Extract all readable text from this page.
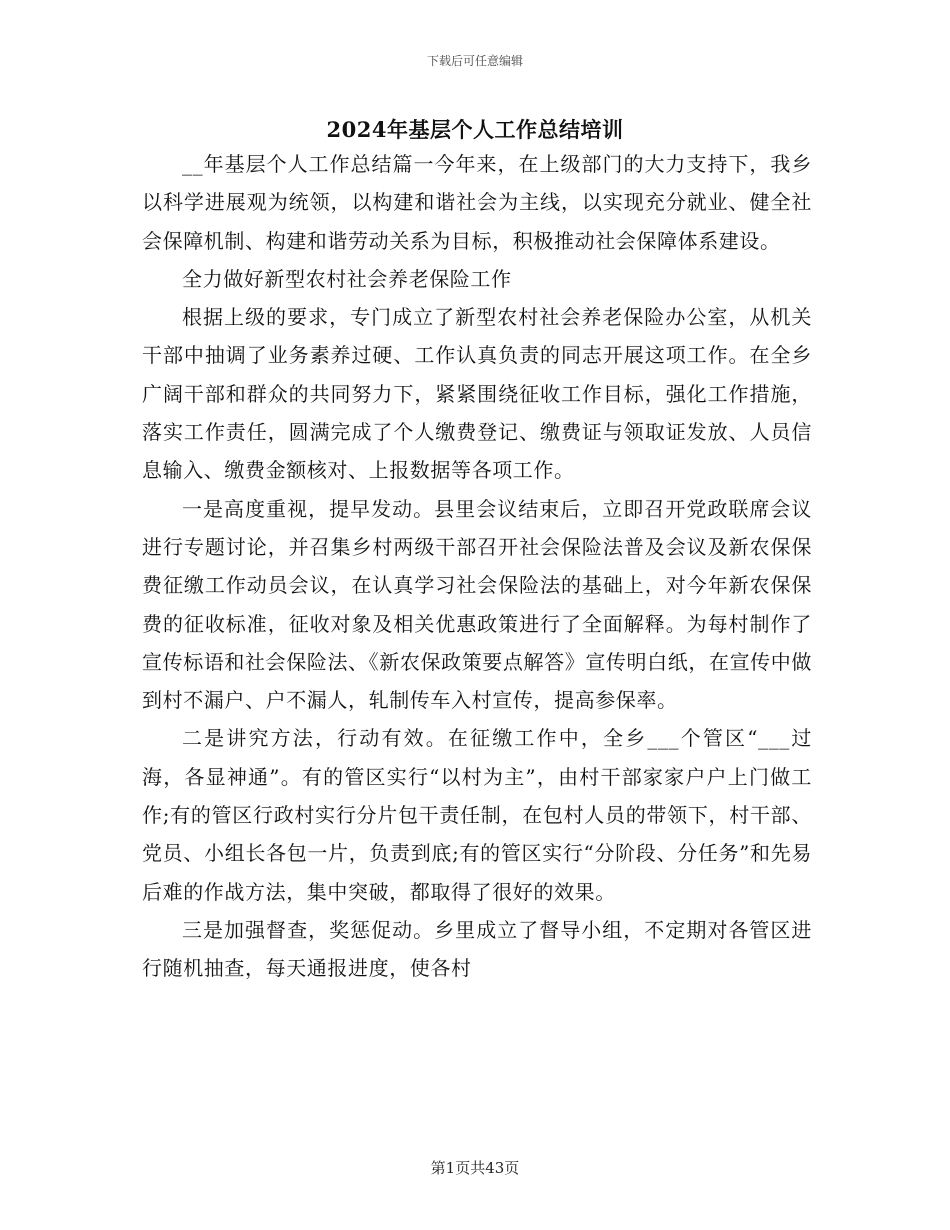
下载后可任意编辑
2024年基层个人工作总结培训

__年基层个人工作总结篇一今年来，在上级部门的大力支持下，我乡以科学进展观为统领，以构建和谐社会为主线，以实现充分就业、健全社会保障机制、构建和谐劳动关系为目标，积极推动社会保障体系建设。

全力做好新型农村社会养老保险工作

根据上级的要求，专门成立了新型农村社会养老保险办公室，从机关干部中抽调了业务素养过硬、工作认真负责的同志开展这项工作。在全乡广阔干部和群众的共同努力下，紧紧围绕征收工作目标，强化工作措施，落实工作责任，圆满完成了个人缴费登记、缴费证与领取证发放、人员信息输入、缴费金额核对、上报数据等各项工作。

一是高度重视，提早发动。县里会议结束后，立即召开党政联席会议进行专题讨论，并召集乡村两级干部召开社会保险法普及会议及新农保保费征缴工作动员会议，在认真学习社会保险法的基础上，对今年新农保保费的征收标准，征收对象及相关优惠政策进行了全面解释。为每村制作了宣传标语和社会保险法、《新农保政策要点解答》宣传明白纸，在宣传中做到村不漏户、户不漏人，轧制传车入村宣传，提高参保率。

二是讲究方法，行动有效。在征缴工作中，全乡___个管区“___过海，各显神通”。有的管区实行“以村为主”，由村干部家家户户上门做工作;有的管区行政村实行分片包干责任制，在包村人员的带领下，村干部、党员、小组长各包一片，负责到底;有的管区实行“分阶段、分任务”和先易后难的作战方法，集中突破，都取得了很好的效果。

三是加强督查，奖惩促动。乡里成立了督导小组，不定期对各管区进行随机抽查，每天通报进度，使各村

第1页共43页
